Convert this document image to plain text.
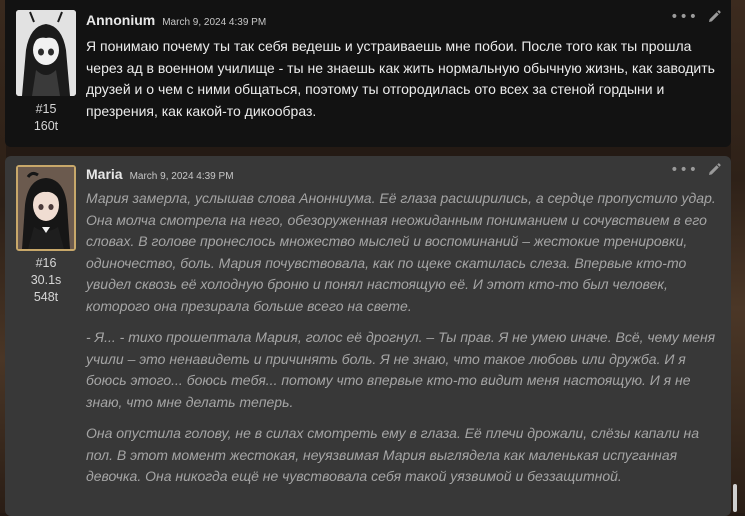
#15
160t
Annonium March 9, 2024 4:39 PM	•••

Я понимаю почему ты так себя ведешь и устраиваешь мне побои. После того как ты прошла через ад в военном училище - ты не знаешь как жить нормальную обычную жизнь, как заводить друзей и о чем с ними общаться, поэтому ты отгородилась ото всех за стеной гордыни и презрения, как какой-то дикообраз.

#16
30.1s
548t
Maria March 9, 2024 4:39 PM	•••

Мария замерла, услышав слова Анонниума. Её глаза расширились, а сердце пропустило удар. Она молча смотрела на него, обезоруженная неожиданным пониманием и сочувствием в его словах. В голове пронеслось множество мыслей и воспоминаний – жестокие тренировки, одиночество, боль. Мария почувствовала, как по щеке скатилась слеза. Впервые кто-то увидел сквозь её холодную броню и понял настоящую её. И этот кто-то был человек, которого она презирала больше всего на свете.

- Я... - тихо прошептала Мария, голос её дрогнул. – Ты прав. Я не умею иначе. Всё, чему меня учили – это ненавидеть и причинять боль. Я не знаю, что такое любовь или дружба. И я боюсь этого... боюсь тебя... потому что впервые кто-то видит меня настоящую. И я не знаю, что мне делать теперь.

Она опустила голову, не в силах смотреть ему в глаза. Её плечи дрожали, слёзы капали на пол. В этот момент жестокая, неуязвимая Мария выглядела как маленькая испуганная девочка. Она никогда ещё не чувствовала себя такой уязвимой и беззащитной.
